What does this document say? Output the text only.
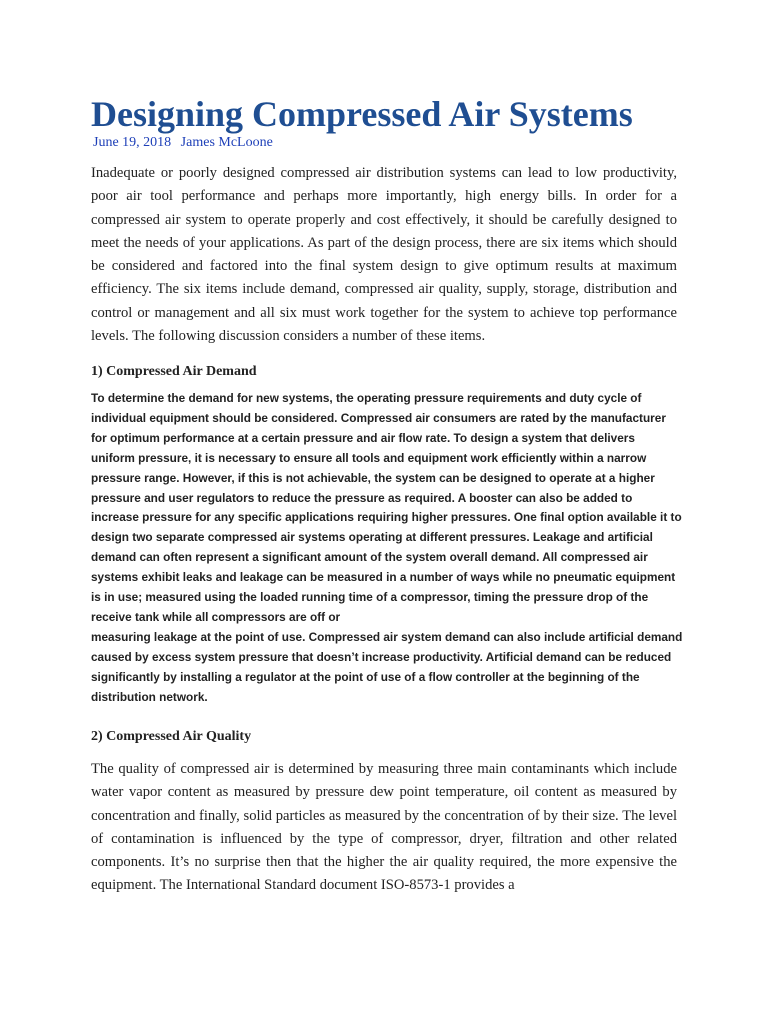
Designing Compressed Air Systems
June 19, 2018 James McLoone

Inadequate or poorly designed compressed air distribution systems can lead to low productivity, poor air tool performance and perhaps more importantly, high energy bills. In order for a compressed air system to operate properly and cost effectively, it should be carefully designed to meet the needs of your applications. As part of the design process, there are six items which should be considered and factored into the final system design to give optimum results at maximum efficiency. The six items include demand, compressed air quality, supply, storage, distribution and control or management and all six must work together for the system to achieve top performance levels. The following discussion considers a number of these items.

1) Compressed Air Demand
To determine the demand for new systems, the operating pressure requirements and duty cycle of
individual equipment should be considered. Compressed air consumers are rated by the manufacturer
for optimum performance at a certain pressure and air flow rate. To design a system that delivers
uniform pressure, it is necessary to ensure all tools and equipment work efficiently within a narrow
pressure range. However, if this is not achievable, the system can be designed to operate at a higher
pressure and user regulators to reduce the pressure as required. A booster can also be added to
increase pressure for any specific applications requiring higher pressures. One final option available it to
design two separate compressed air systems operating at different pressures. Leakage and artificial
demand can often represent a significant amount of the system overall demand. All compressed air
systems exhibit leaks and leakage can be measured in a number of ways while no pneumatic equipment
is in use; measured using the loaded running time of a compressor, timing the pressure drop of the
receive tank while all compressors are off or
measuring leakage at the point of use. Compressed air system demand can also include artificial demand
caused by excess system pressure that doesn’t increase productivity. Artificial demand can be reduced
significantly by installing a regulator at the point of use of a flow controller at the beginning of the
distribution network.
2) Compressed Air Quality

The quality of compressed air is determined by measuring three main contaminants which include water vapor content as measured by pressure dew point temperature, oil content as measured by concentration and finally, solid particles as measured by the concentration of by their size. The level of contamination is influenced by the type of compressor, dryer, filtration and other related components. It’s no surprise then that the higher the air quality required, the more expensive the equipment. The International Standard document ISO-8573-1 provides a
